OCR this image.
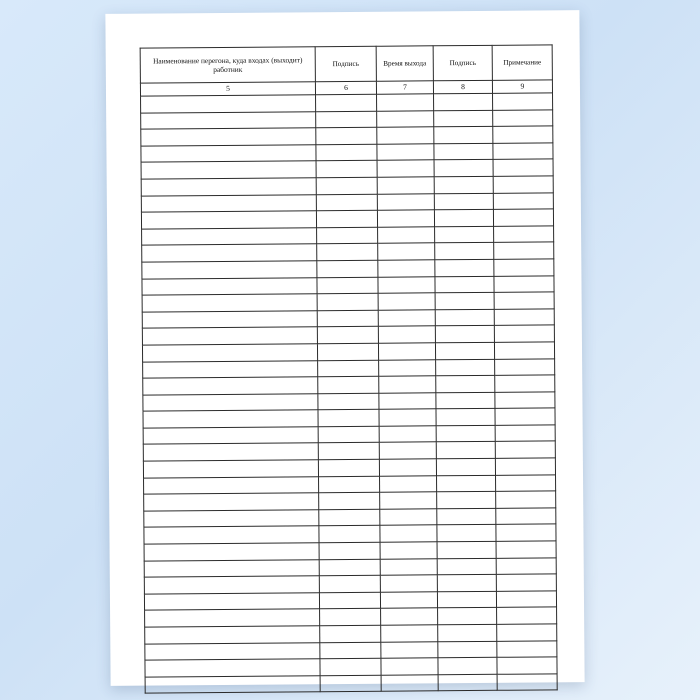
Наименование перегона, куда входах (выходит) работник	Подпись	Время выхода	Подпись	Примечание
5	6	7	8	9
